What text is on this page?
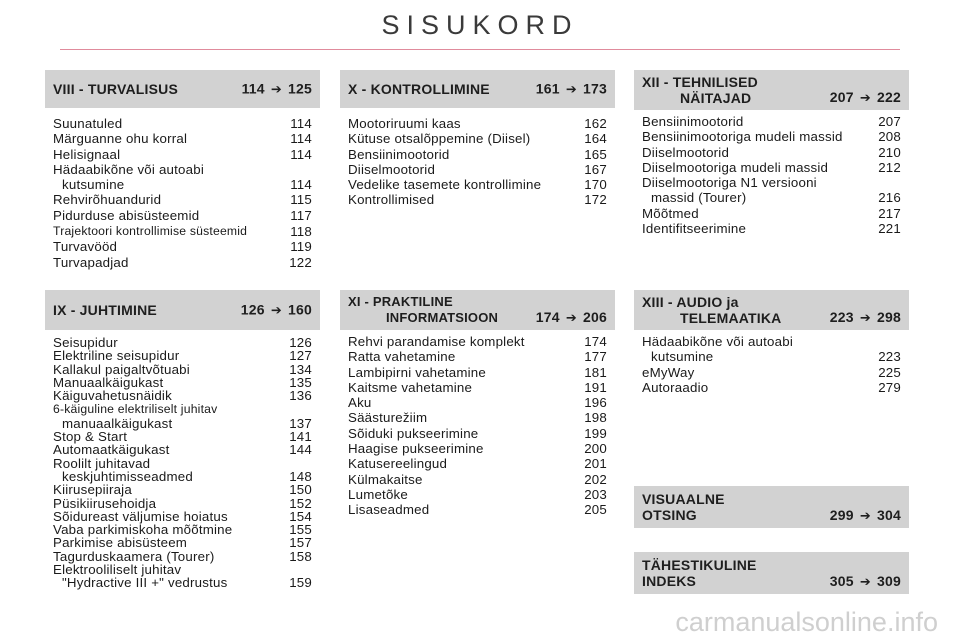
SISUKORD
VIII - TURVALISUS	114 ➔ 125
Suunatuled	114
Märguanne ohu korral	114
Helisignaal	114
Hädaabikõne või autoabi
kutsumine	114
Rehvirõhuandurid	115
Pidurduse abisüsteemid	117
Trajektoori kontrollimise süsteemid	118
Turvavööd	119
Turvapadjad	122
IX - JUHTIMINE	126 ➔ 160
Seisupidur	126
Elektriline seisupidur	127
Kallakul paigaltvõtuabi	134
Manuaalkäigukast	135
Käiguvahetusnäidik	136
6-käiguline elektriliselt juhitav
manuaalkäigukast	137
Stop & Start	141
Automaatkäigukast	144
Roolilt juhitavad
keskjuhtimisseadmed	148
Kiirusepiiraja	150
Püsikiirusehoidja	152
Sõidureast väljumise hoiatus	154
Vaba parkimiskoha mõõtmine	155
Parkimise abisüsteem	157
Tagurduskaamera (Tourer)	158
Elektrooliliselt juhitav
"Hydractive III +" vedrustus	159
X - KONTROLLIMINE	161 ➔ 173
Mootoriruumi kaas	162
Kütuse otsalõppemine (Diisel)	164
Bensiinimootorid	165
Diiselmootorid	167
Vedelike tasemete kontrollimine	170
Kontrollimised	172
XI - PRAKTILINE
INFORMATSIOON	174 ➔ 206
Rehvi parandamise komplekt	174
Ratta vahetamine	177
Lambipirni vahetamine	181
Kaitsme vahetamine	191
Aku	196
Säästurežiim	198
Sõiduki pukseerimine	199
Haagise pukseerimine	200
Katusereelingud	201
Külmakaitse	202
Lumetõke	203
Lisaseadmed	205
XII - TEHNILISED
NÄITAJAD	207 ➔ 222
Bensiinimootorid	207
Bensiinimootoriga mudeli massid	208
Diiselmootorid	210
Diiselmootoriga mudeli massid	212
Diiselmootoriga N1 versiooni
massid (Tourer)	216
Mõõtmed	217
Identifitseerimine	221
XIII - AUDIO ja
TELEMAATIKA	223 ➔ 298
Hädaabikõne või autoabi
kutsumine	223
eMyWay	225
Autoraadio	279
VISUAALNE
OTSING	299 ➔ 304
TÄHESTIKULINE
INDEKS	305 ➔ 309
carmanualsonline.info
